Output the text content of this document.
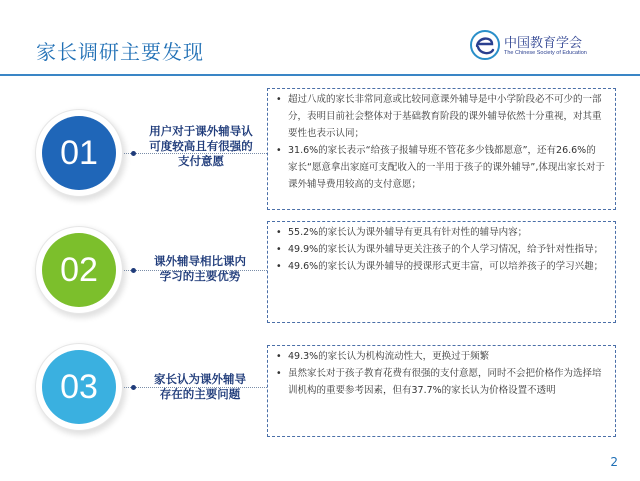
家长调研主要发现	中国教育学会
The Chinese Society of Education
01
用户对于课外辅导认
可度较高且有很强的
支付意愿
• 超过八成的家长非常同意或比较同意课外辅导是中小学阶段必不可少的一部分，表明目前社会整体对于基础教育阶段的课外辅导依然十分重视，对其重要性也表示认同；
• 31.6%的家长表示“给孩子报辅导班不管花多少钱都愿意”，还有26.6%的家长“愿意拿出家庭可支配收入的一半用于孩子的课外辅导”,体现出家长对于课外辅导费用较高的支付意愿；
02	课外辅导相比课内
学习的主要优势
• 55.2%的家长认为课外辅导有更具有针对性的辅导内容；
• 49.9%的家长认为课外辅导更关注孩子的个人学习情况，给予针对性指导；
• 49.6%的家长认为课外辅导的授课形式更丰富，可以培养孩子的学习兴趣；
03	家长认为课外辅导
存在的主要问题
• 49.3%的家长认为机构流动性大，更换过于频繁
• 虽然家长对于孩子教育花费有很强的支付意愿，同时不会把价格作为选择培训机构的重要参考因素，但有37.7%的家长认为价格设置不透明
2
